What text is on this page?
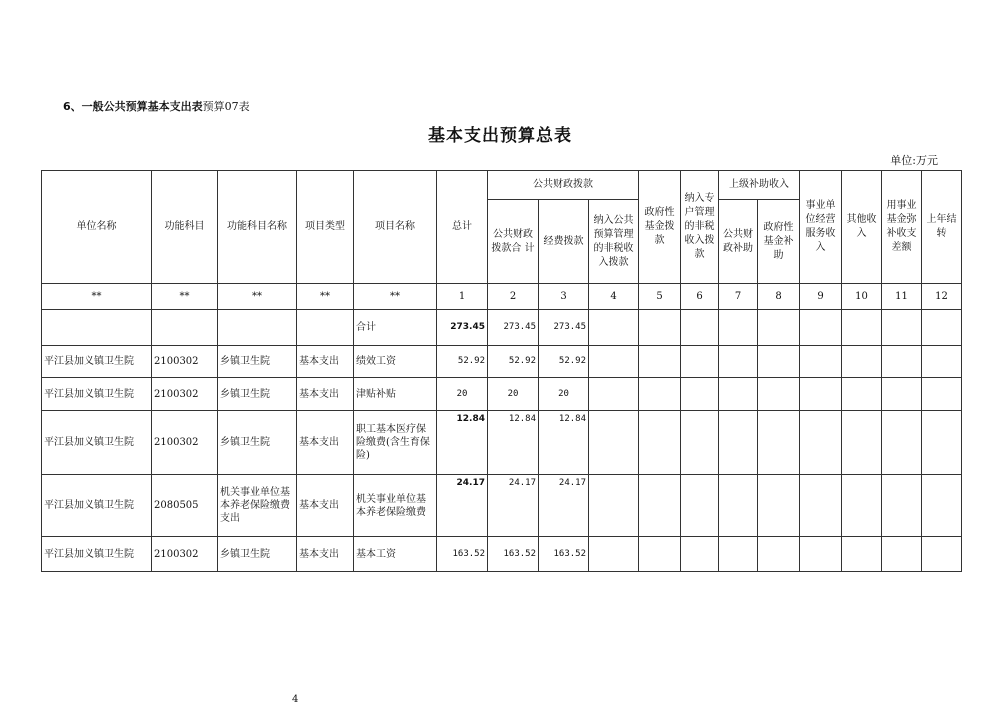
6、一般公共预算基本支出表预算07表
基本支出预算总表
单位:万元
单位名称	功能科目	功能科目名称	项目类型	项目名称	总计	公共财政拨款			政府性基金拨款	纳入专户管理的非税收入拨款	上级补助收入		事业单位经营服务收入	其他收入	用事业基金弥补收支差额	上年结转
						公共财政拨款合 计	经费拨款	纳入公共预算管理的非税收入拨款			公共财政补助	政府性基金补助				
**	**	**	**	**	1	2	3	4	5	6	7	8	9	10	11	12
				合计	273.45	273.45	273.45									
平江县加义镇卫生院	2100302	乡镇卫生院	基本支出	绩效工资	52.92	52.92	52.92									
平江县加义镇卫生院	2100302	乡镇卫生院	基本支出	津贴补贴	20	20	20									
平江县加义镇卫生院	2100302	乡镇卫生院	基本支出	职工基本医疗保险缴费(含生育保险)	12.84	12.84	12.84									
平江县加义镇卫生院	2080505	机关事业单位基本养老保险缴费支出	基本支出	机关事业单位基本养老保险缴费	24.17	24.17	24.17									
平江县加义镇卫生院	2100302	乡镇卫生院	基本支出	基本工资	163.52	163.52	163.52									
4
